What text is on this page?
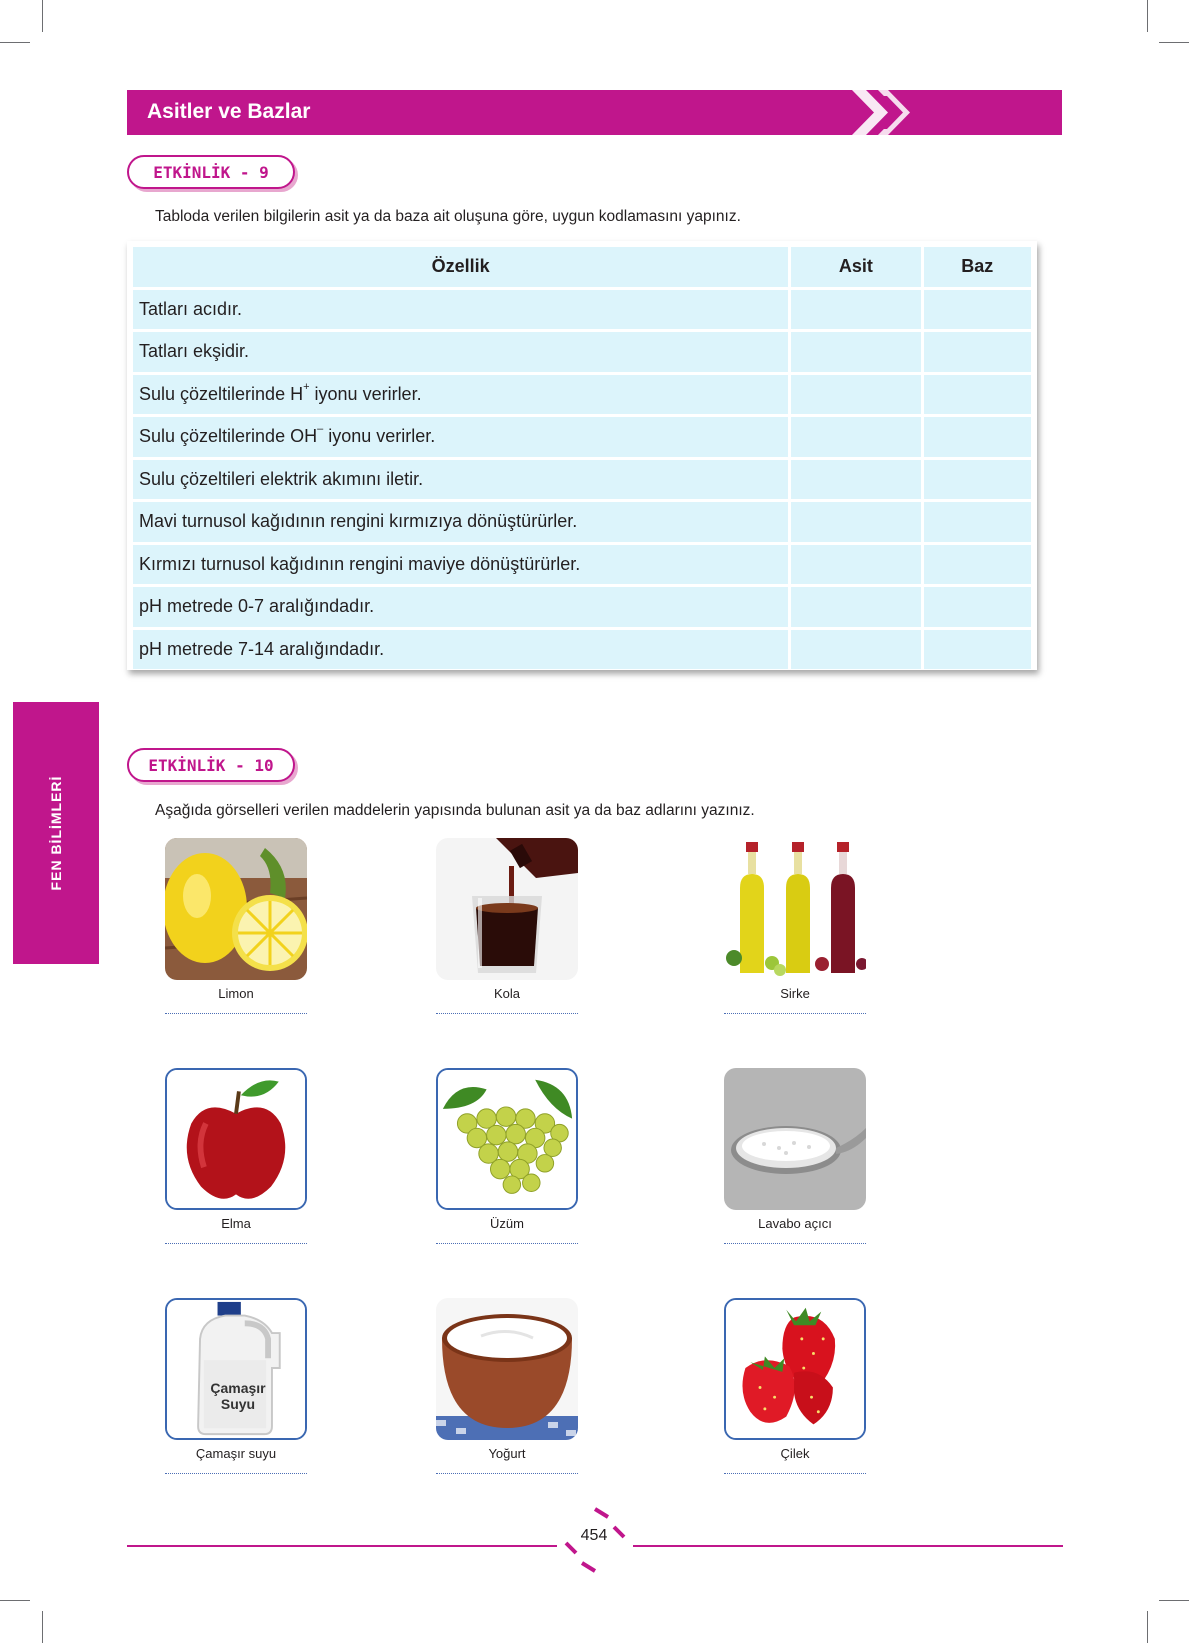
Asitler ve Bazlar
FEN BİLİMLERİ
ETKİNLİK - 9
Tabloda verilen bilgilerin asit ya da baza ait oluşuna göre, uygun kodlamasını yapınız.
Özellik	Asit	Baz
Tatları acıdır.		
Tatları ekşidir.		
Sulu çözeltilerinde H+ iyonu verirler.		
Sulu çözeltilerinde OH– iyonu verirler.		
Sulu çözeltileri elektrik akımını iletir.		
Mavi turnusol kağıdının rengini kırmızıya dönüştürürler.		
Kırmızı turnusol kağıdının rengini maviye dönüştürürler.		
pH metrede 0-7 aralığındadır.		
pH metrede 7-14 aralığındadır.		
ETKİNLİK - 10
Aşağıda görselleri verilen maddelerin yapısında bulunan asit ya da baz adlarını yazınız.
Limon	Kola	Sirke
Elma	Üzüm	Lavabo açıcı
Çamaşır
Suyu
Çamaşır suyu	Yoğurt	Çilek
454
